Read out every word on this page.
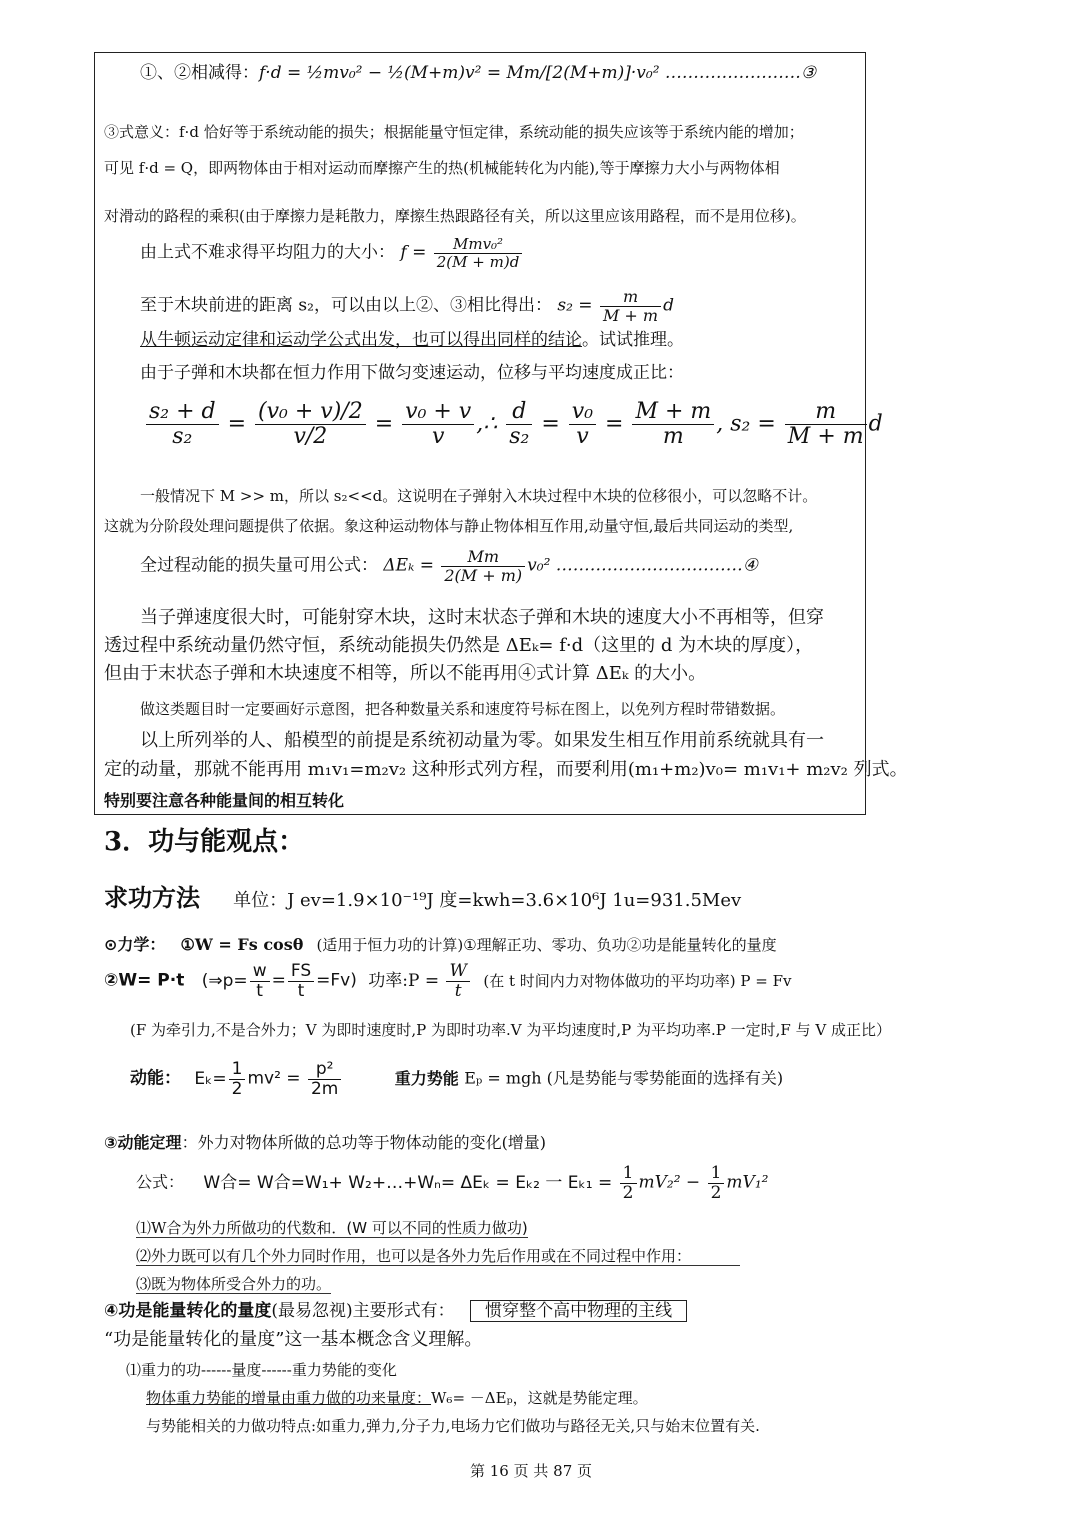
①、②相减得：f·d = ½mv₀² − ½(M+m)v² = Mm/[2(M+m)]·v₀² ……………………③
③式意义：f·d 恰好等于系统动能的损失；根据能量守恒定律，系统动能的损失应该等于系统内能的增加；
可见 f·d = Q，即两物体由于相对运动而摩擦产生的热(机械能转化为内能),等于摩擦力大小与两物体相
对滑动的路程的乘积(由于摩擦力是耗散力，摩擦生热跟路径有关，所以这里应该用路程，而不是用位移)。
由上式不难求得平均阻力的大小： $f = \frac{\text{Mmv₀²}}{2(M + m)d}$
至于木块前进的距离 s₂，可以由以上②、③相比得出： $s_2 = \frac{m}{M + m}$ d
从牛顿运动定律和运动学公式出发，也可以得出同样的结论。试试推理。
由于子弹和木块都在恒力作用下做匀变速运动，位移与平均速度成正比：
$\frac{\text{s₂ + d}}{\text{s₂}} = \frac{\text{(v₀ + v)/2}}{v/2} = \frac{\text{v₀ + v}}{v}$ ,∴ $\frac{d}{\text{s₂}} = \frac{\text{v₀}}{v} = \frac{M + m}{m}$ , $s_2 = \frac{m}{M + m}$ d
一般情况下 M >> m，所以 s₂<<d。这说明在子弹射入木块过程中木块的位移很小，可以忽略不计。
这就为分阶段处理问题提供了依据。象这种运动物体与静止物体相互作用,动量守恒,最后共同运动的类型,
全过程动能的损失量可用公式： $\Delta E_k = \frac{Mm}{2(M + m)} v_0^2$ ……………………………④
当子弹速度很大时，可能射穿木块，这时末状态子弹和木块的速度大小不再相等，但穿
透过程中系统动量仍然守恒，系统动能损失仍然是 ΔEₖ= f·d（这里的 d 为木块的厚度），
但由于末状态子弹和木块速度不相等，所以不能再用④式计算 ΔEₖ 的大小。
做这类题目时一定要画好示意图，把各种数量关系和速度符号标在图上，以免列方程时带错数据。
以上所列举的人、船模型的前提是系统初动量为零。如果发生相互作用前系统就具有一
定的动量，那就不能再用 m₁v₁=m₂v₂ 这种形式列方程，而要利用(m₁+m₂)v₀= m₁v₁+ m₂v₂ 列式。
特别要注意各种能量间的相互转化
3．功与能观点：
求功方法 单位：J ev=1.9×10⁻¹⁹J 度=kwh=3.6×10⁶J 1u=931.5Mev
⊙力学： ①W = Fs cosθ (适用于恒力功的计算)①理解正功、零功、负功②功是能量转化的量度
②W= P·t (⇒p= $\frac{w}{t} = \frac{FS}{t} =Fv$) 功率:P = $\frac{W}{t}$ (在 t 时间内力对物体做功的平均功率) P = Fv
(F 为牵引力,不是合外力；V 为即时速度时,P 为即时功率.V 为平均速度时,P 为平均功率.P 一定时,F 与 V 成正比）
动能： $E_k= \frac{1}{2} mv^2 = \frac{\text{p²}}{2m}$	重力势能 Eₚ = mgh (凡是势能与零势能面的选择有关)
③动能定理：外力对物体所做的总功等于物体动能的变化(增量)
公式： W合= W合=W₁+ W₂+…+Wₙ= ΔEₖ = Eₖ₂ 一 $E_{k1} = \frac{1}{2} mV_2^2 - \frac{1}{2} mV_1^2$
⑴W合为外力所做功的代数和．(W 可以不同的性质力做功)
⑵外力既可以有几个外力同时作用，也可以是各外力先后作用或在不同过程中作用：
⑶既为物体所受合外力的功。
④功是能量转化的量度(最易忽视)主要形式有： 惯穿整个高中物理的主线
“功是能量转化的量度”这一基本概念含义理解。
⑴重力的功------量度------重力势能的变化
物体重力势能的增量由重力做的功来量度：W₆= －ΔEₚ，这就是势能定理。
与势能相关的力做功特点:如重力,弹力,分子力,电场力它们做功与路径无关,只与始末位置有关.
第 16 页 共 87 页
